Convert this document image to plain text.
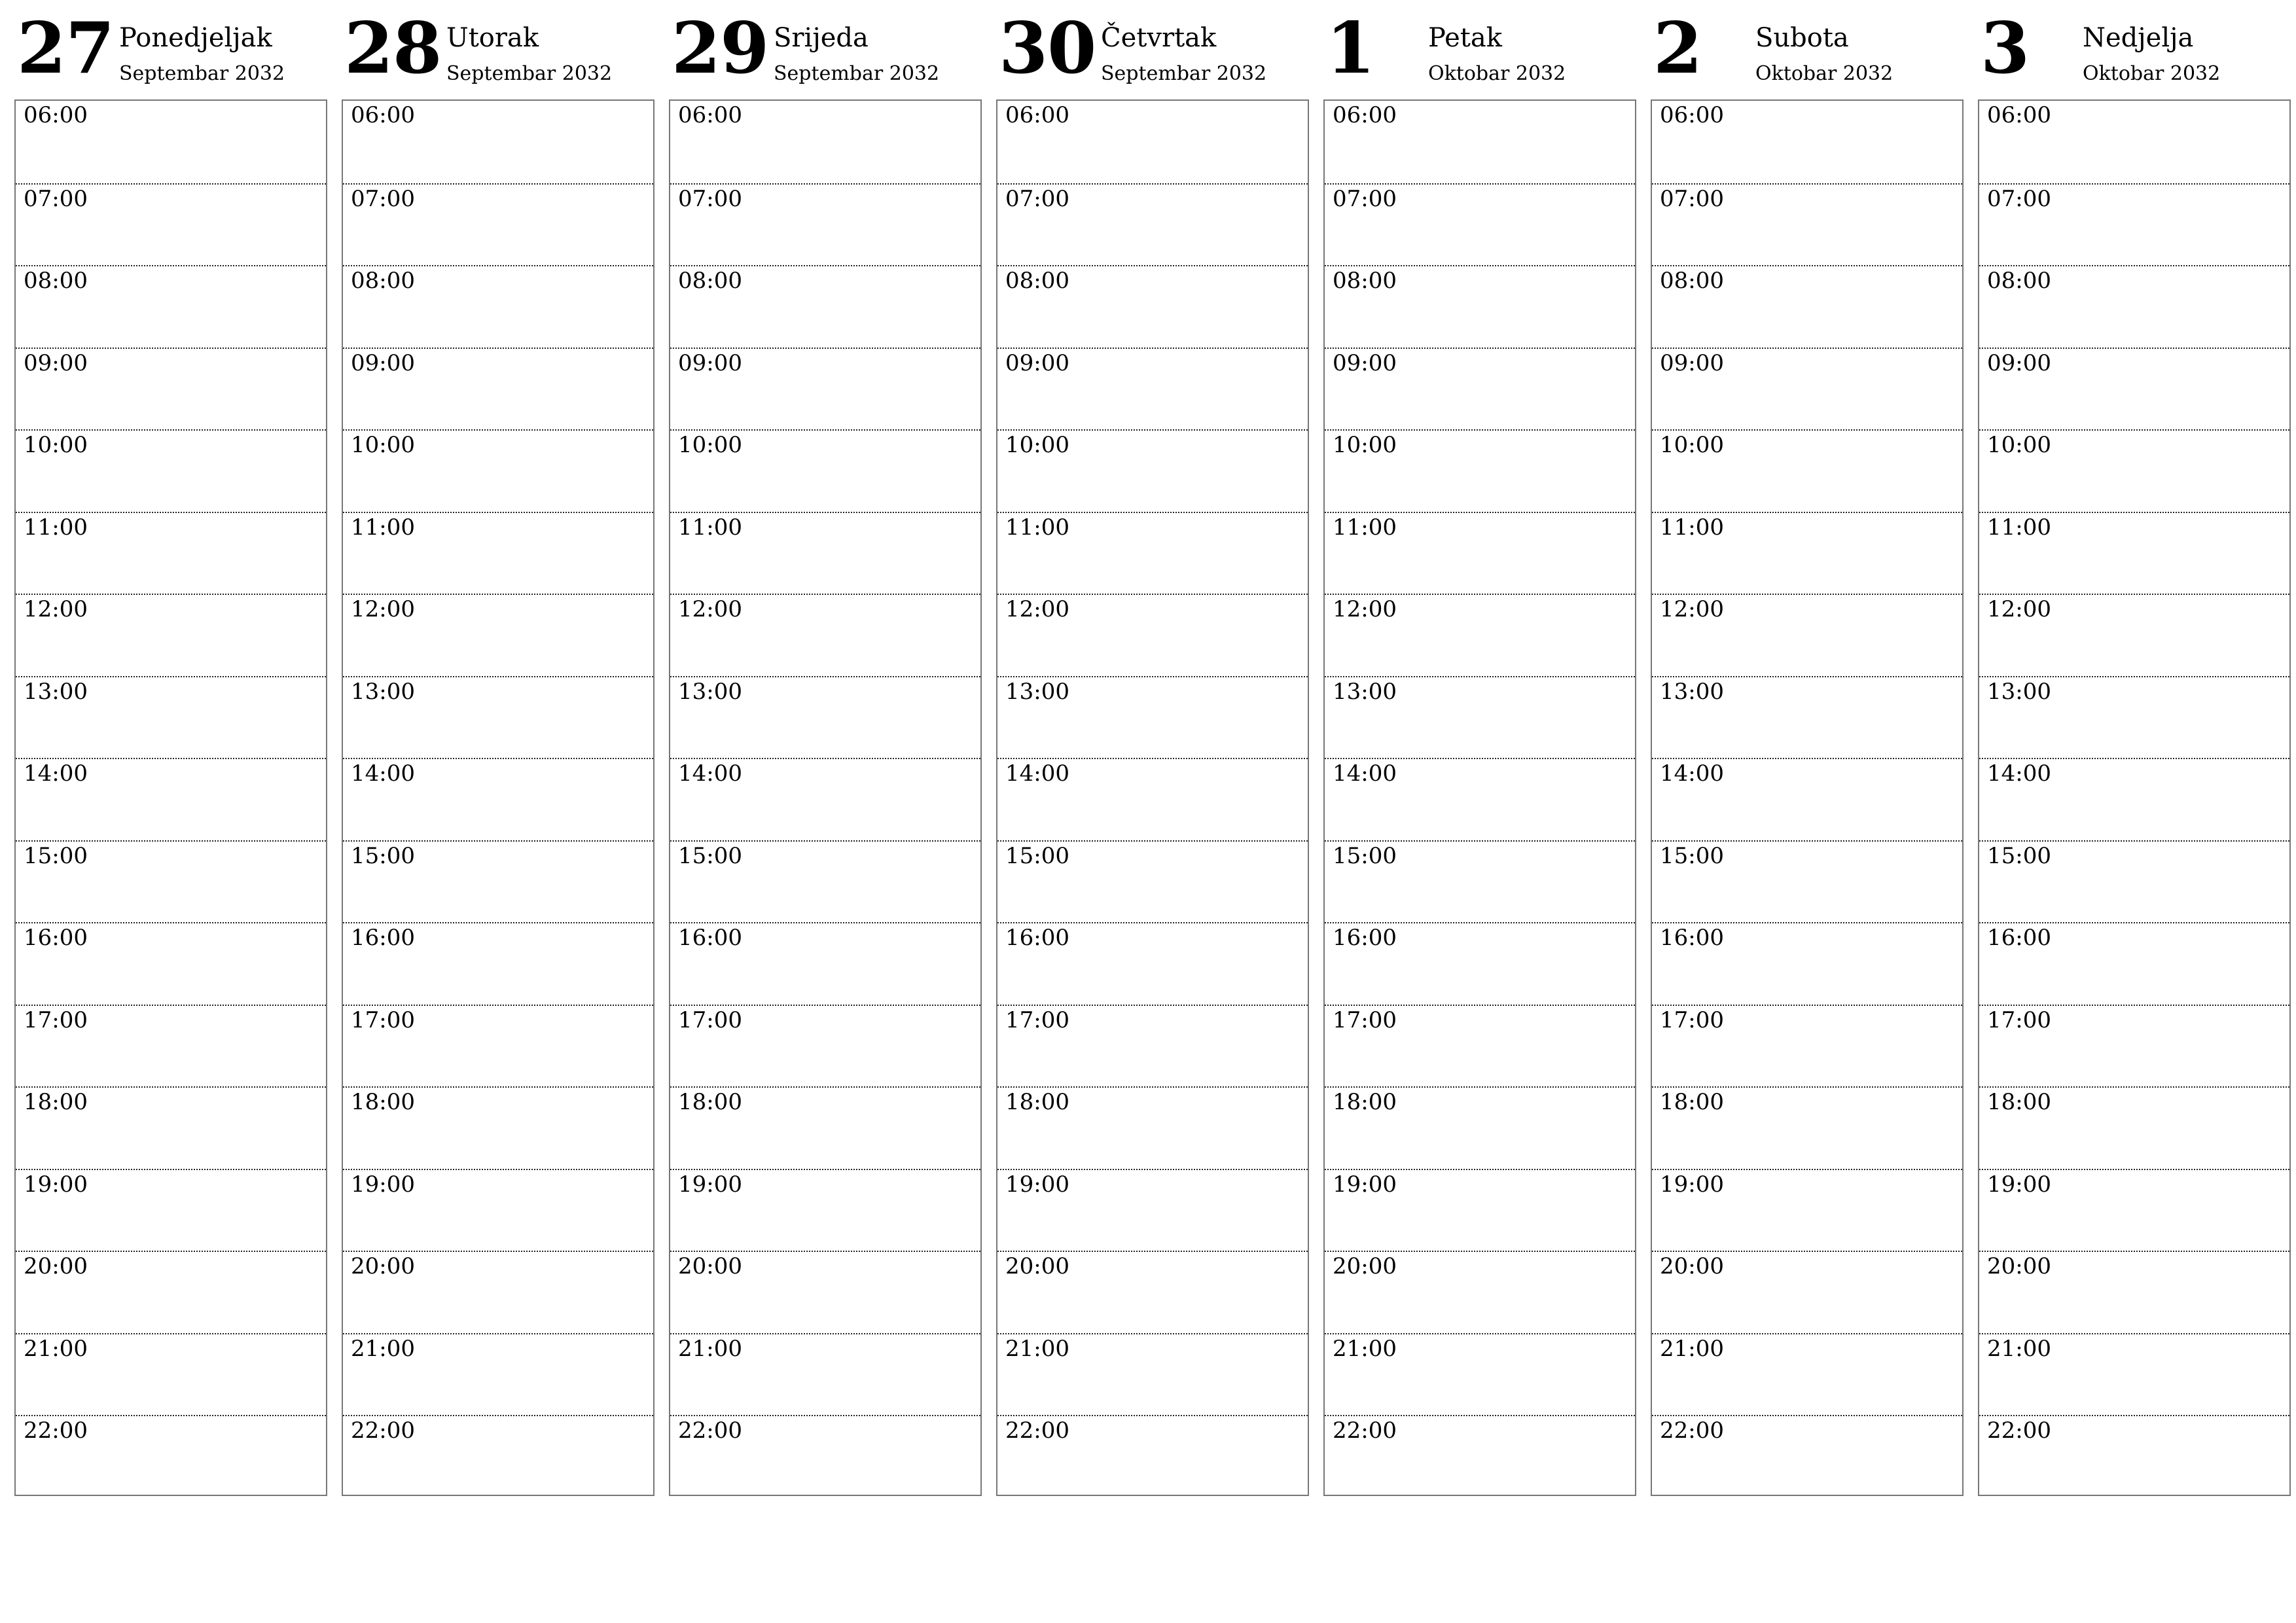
27 Ponedjeljak
Septembar 2032
06:00
07:00
08:00
09:00
10:00
11:00
12:00
13:00
14:00
15:00
16:00
17:00
18:00
19:00
20:00
21:00
22:00
28 Utorak
Septembar 2032
06:00
07:00
08:00
09:00
10:00
11:00
12:00
13:00
14:00
15:00
16:00
17:00
18:00
19:00
20:00
21:00
22:00
29 Srijeda
Septembar 2032
06:00
07:00
08:00
09:00
10:00
11:00
12:00
13:00
14:00
15:00
16:00
17:00
18:00
19:00
20:00
21:00
22:00
30 Četvrtak
Septembar 2032
06:00
07:00
08:00
09:00
10:00
11:00
12:00
13:00
14:00
15:00
16:00
17:00
18:00
19:00
20:00
21:00
22:00
1 Petak
Oktobar 2032
06:00
07:00
08:00
09:00
10:00
11:00
12:00
13:00
14:00
15:00
16:00
17:00
18:00
19:00
20:00
21:00
22:00
2 Subota
Oktobar 2032
06:00
07:00
08:00
09:00
10:00
11:00
12:00
13:00
14:00
15:00
16:00
17:00
18:00
19:00
20:00
21:00
22:00
3 Nedjelja
Oktobar 2032
06:00
07:00
08:00
09:00
10:00
11:00
12:00
13:00
14:00
15:00
16:00
17:00
18:00
19:00
20:00
21:00
22:00
